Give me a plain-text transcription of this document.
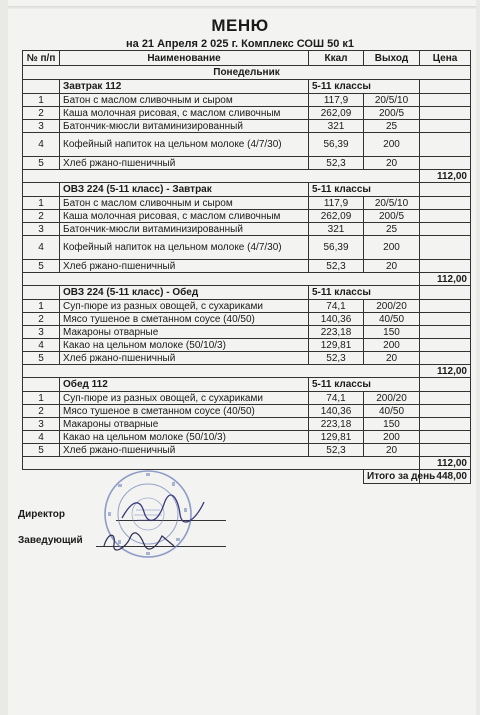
МЕНЮ
на 21 Апреля 2 025 г. Комплекс СОШ 50 к1
№ п/п	Наименование	Ккал	Выход	Цена
Понедельник				
	Завтрак 112	5-11 классы		
1	Батон с маслом сливочным и сыром	117,9	20/5/10	
2	Каша молочная рисовая, с маслом сливочным	262,09	200/5	
3	Батончик-мюсли витаминизированный	321	25	
4	Кофейный напиток на цельном молоке (4/7/30)	56,39	200	
5	Хлеб ржано-пшеничный	52,3	20	
				112,00
	ОВЗ 224 (5-11 класс) - Завтрак	5-11 классы		
1	Батон с маслом сливочным и сыром	117,9	20/5/10	
2	Каша молочная рисовая, с маслом сливочным	262,09	200/5	
3	Батончик-мюсли витаминизированный	321	25	
4	Кофейный напиток на цельном молоке (4/7/30)	56,39	200	
5	Хлеб ржано-пшеничный	52,3	20	
				112,00
	ОВЗ 224 (5-11 класс) - Обед	5-11 классы		
1	Суп-пюре из разных овощей, с сухариками	74,1	200/20	
2	Мясо тушеное в сметанном соусе (40/50)	140,36	40/50	
3	Макароны отварные	223,18	150	
4	Какао на цельном молоке (50/10/3)	129,81	200	
5	Хлеб ржано-пшеничный	52,3	20	
				112,00
	Обед 112	5-11 классы		
1	Суп-пюре из разных овощей, с сухариками	74,1	200/20	
2	Мясо тушеное в сметанном соусе (40/50)	140,36	40/50	
3	Макароны отварные	223,18	150	
4	Какао на цельном молоке (50/10/3)	129,81	200	
5	Хлеб ржано-пшеничный	52,3	20	
				112,00
			Итого за день	448,00
Директор
Заведующий
